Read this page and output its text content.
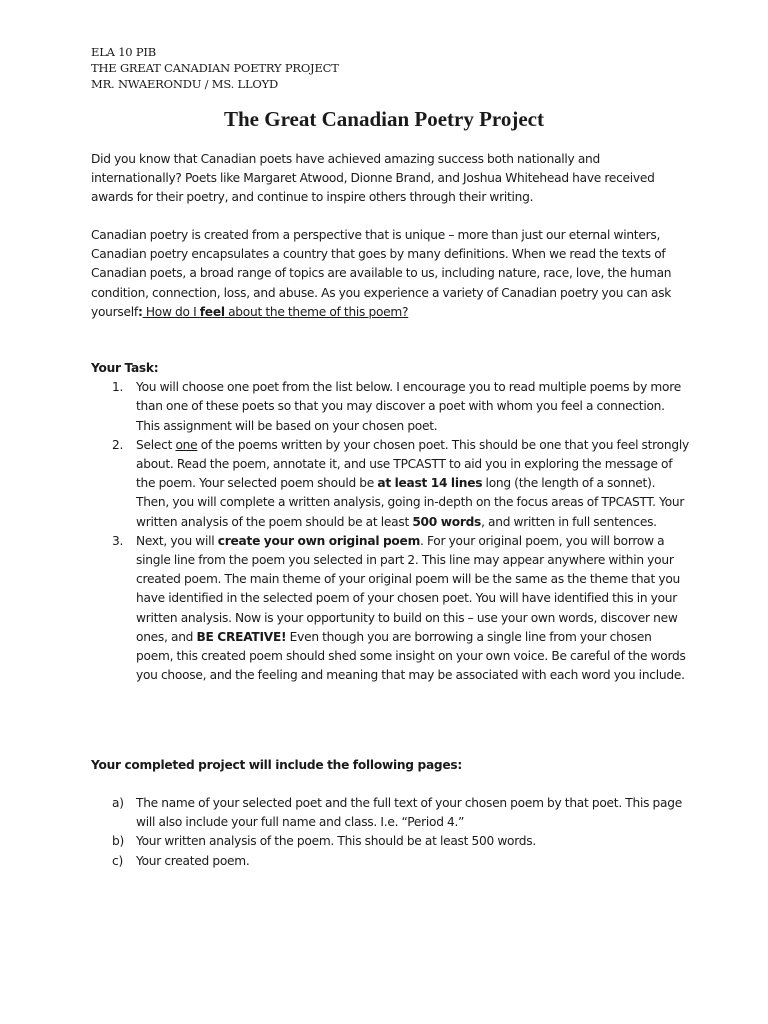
ELA 10 PIB
THE GREAT CANADIAN POETRY PROJECT
MR. NWAERONDU / MS. LLOYD
The Great Canadian Poetry Project

Did you know that Canadian poets have achieved amazing success both nationally and internationally? Poets like Margaret Atwood, Dionne Brand, and Joshua Whitehead have received awards for their poetry, and continue to inspire others through their writing.

Canadian poetry is created from a perspective that is unique – more than just our eternal winters, Canadian poetry encapsulates a country that goes by many definitions. When we read the texts of Canadian poets, a broad range of topics are available to us, including nature, race, love, the human condition, connection, loss, and abuse. As you experience a variety of Canadian poetry you can ask yourself: How do I feel about the theme of this poem?

Your Task:
1. You will choose one poet from the list below. I encourage you to read multiple poems by more than one of these poets so that you may discover a poet with whom you feel a connection. This assignment will be based on your chosen poet.
2. Select one of the poems written by your chosen poet. This should be one that you feel strongly about. Read the poem, annotate it, and use TPCASTT to aid you in exploring the message of the poem. Your selected poem should be at least 14 lines long (the length of a sonnet). Then, you will complete a written analysis, going in-depth on the focus areas of TPCASTT. Your written analysis of the poem should be at least 500 words, and written in full sentences.
3. Next, you will create your own original poem. For your original poem, you will borrow a single line from the poem you selected in part 2. This line may appear anywhere within your created poem. The main theme of your original poem will be the same as the theme that you have identified in the selected poem of your chosen poet. You will have identified this in your written analysis. Now is your opportunity to build on this – use your own words, discover new ones, and BE CREATIVE! Even though you are borrowing a single line from your chosen poem, this created poem should shed some insight on your own voice. Be careful of the words you choose, and the feeling and meaning that may be associated with each word you include.
Your completed project will include the following pages:
a) The name of your selected poet and the full text of your chosen poem by that poet. This page will also include your full name and class. I.e. “Period 4.”
b) Your written analysis of the poem. This should be at least 500 words.
c) Your created poem.
